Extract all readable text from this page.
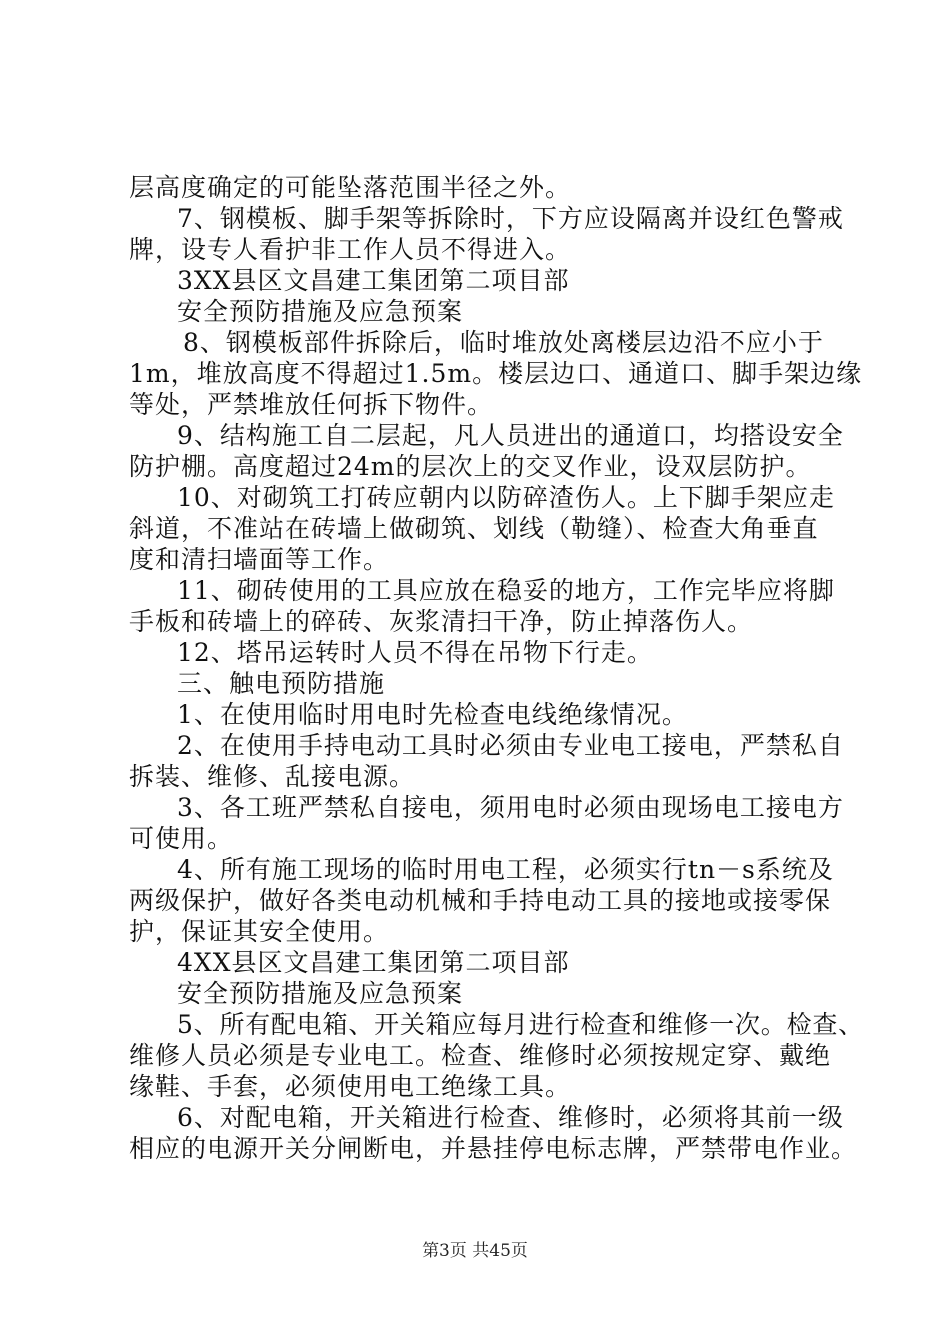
层高度确定的可能坠落范围半径之外。
7、钢模板、脚手架等拆除时，下方应设隔离并设红色警戒
牌，设专人看护非工作人员不得进入。
3XX县区文昌建工集团第二项目部
安全预防措施及应急预案
8、钢模板部件拆除后，临时堆放处离楼层边沿不应小于
1m，堆放高度不得超过1.5m。楼层边口、通道口、脚手架边缘
等处，严禁堆放任何拆下物件。
9、结构施工自二层起，凡人员进出的通道口，均搭设安全
防护棚。高度超过24m的层次上的交叉作业，设双层防护。
10、对砌筑工打砖应朝内以防碎渣伤人。上下脚手架应走
斜道，不准站在砖墙上做砌筑、划线（勒缝）、检查大角垂直
度和清扫墙面等工作。
11、砌砖使用的工具应放在稳妥的地方，工作完毕应将脚
手板和砖墙上的碎砖、灰浆清扫干净，防止掉落伤人。
12、塔吊运转时人员不得在吊物下行走。
三、触电预防措施
1、在使用临时用电时先检查电线绝缘情况。
2、在使用手持电动工具时必须由专业电工接电，严禁私自
拆装、维修、乱接电源。
3、各工班严禁私自接电，须用电时必须由现场电工接电方
可使用。
4、所有施工现场的临时用电工程，必须实行tn－s系统及
两级保护，做好各类电动机械和手持电动工具的接地或接零保
护，保证其安全使用。
4XX县区文昌建工集团第二项目部
安全预防措施及应急预案
5、所有配电箱、开关箱应每月进行检查和维修一次。检查、
维修人员必须是专业电工。检查、维修时必须按规定穿、戴绝
缘鞋、手套，必须使用电工绝缘工具。
6、对配电箱，开关箱进行检查、维修时，必须将其前一级
相应的电源开关分闸断电，并悬挂停电标志牌，严禁带电作业。
第3页 共45页
